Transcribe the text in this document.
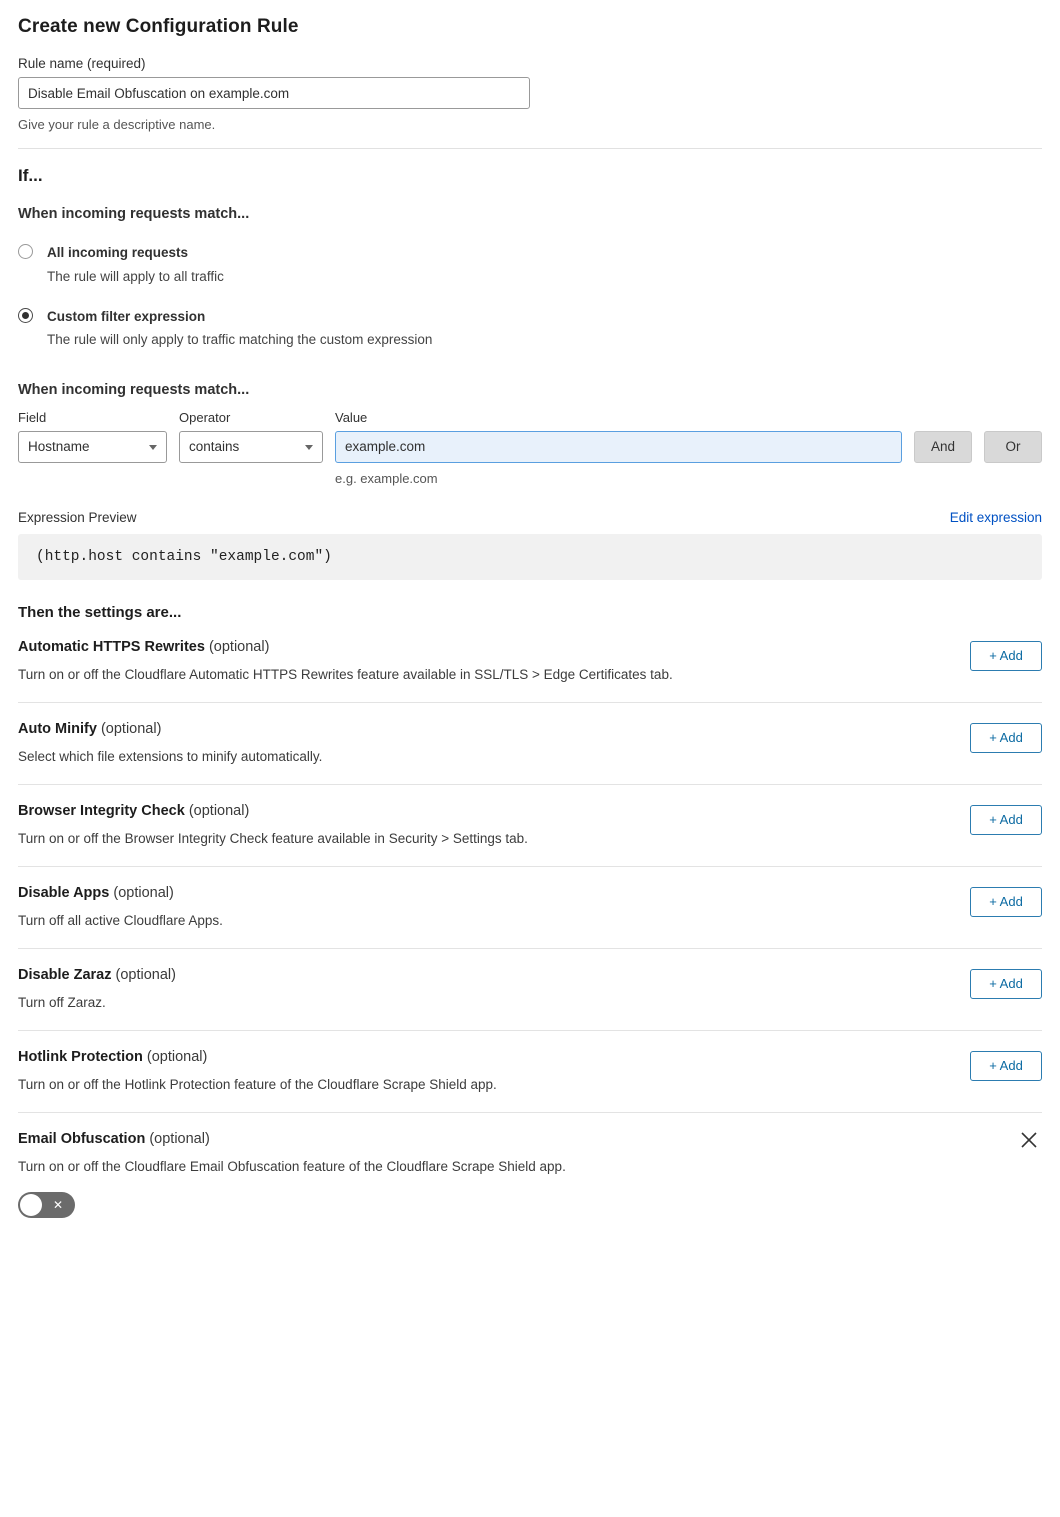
Create new Configuration Rule
Rule name (required)
Disable Email Obfuscation on example.com
Give your rule a descriptive name.
If...
When incoming requests match...
All incoming requests
The rule will apply to all traffic
Custom filter expression
The rule will only apply to traffic matching the custom expression
When incoming requests match...
Field
Hostname
Operator
contains
Value
example.com
And	Or
e.g. example.com
Expression Preview	Edit expression
(http.host contains "example.com")
Then the settings are...
Automatic HTTPS Rewrites (optional)
Turn on or off the Cloudflare Automatic HTTPS Rewrites feature available in SSL/TLS > Edge Certificates tab.
+ Add
Auto Minify (optional)
Select which file extensions to minify automatically.
+ Add
Browser Integrity Check (optional)
Turn on or off the Browser Integrity Check feature available in Security > Settings tab.
+ Add
Disable Apps (optional)
Turn off all active Cloudflare Apps.
+ Add
Disable Zaraz (optional)
Turn off Zaraz.
+ Add
Hotlink Protection (optional)
Turn on or off the Hotlink Protection feature of the Cloudflare Scrape Shield app.
+ Add
Email Obfuscation (optional)
Turn on or off the Cloudflare Email Obfuscation feature of the Cloudflare Scrape Shield app.
✕
